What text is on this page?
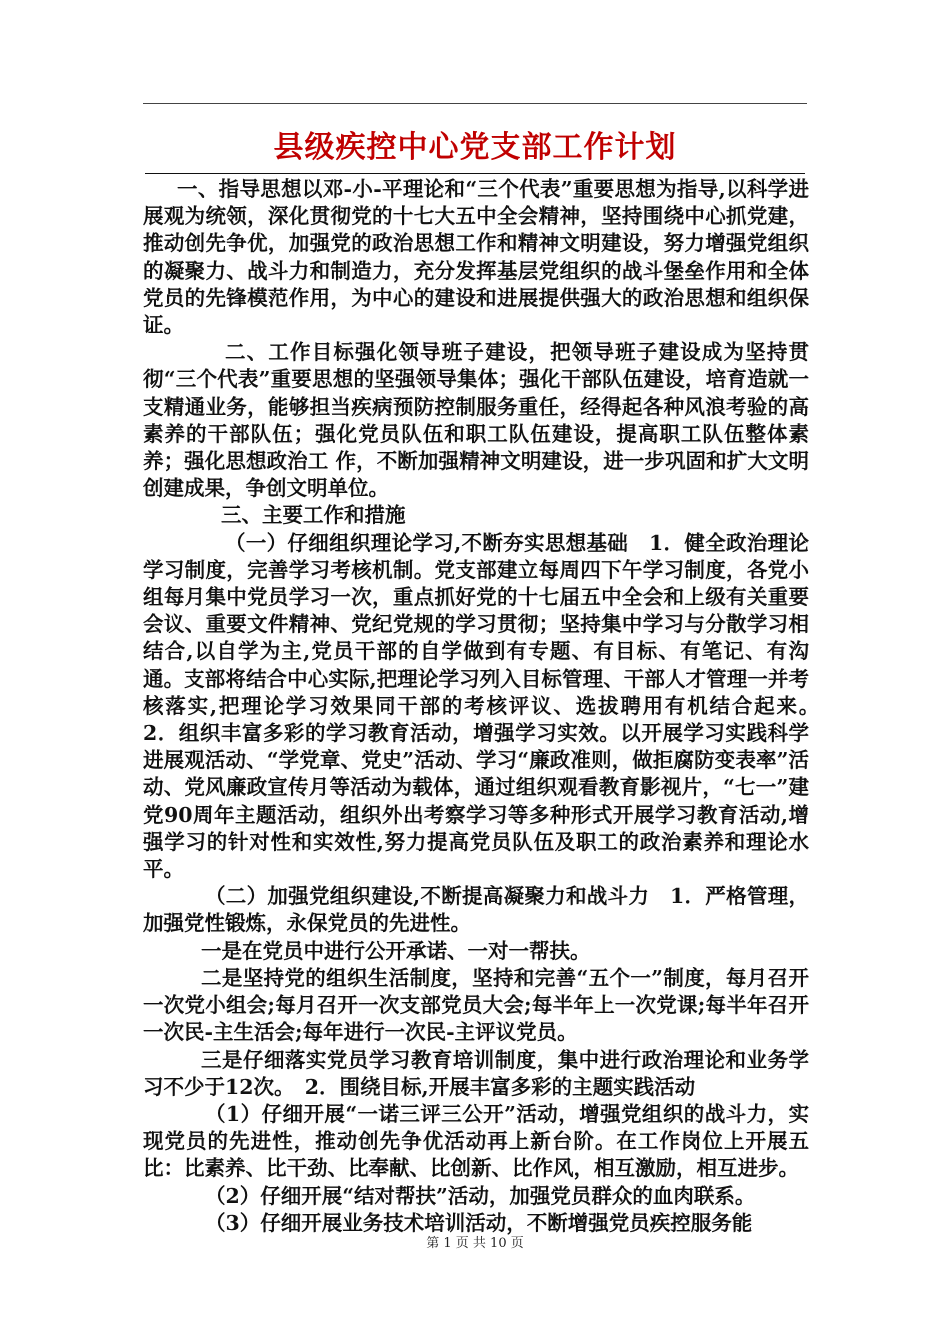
县级疾控中心党支部工作计划

一、指导思想以邓-小-平理论和“三个代表”重要思想为指导,以科学进展观为统领，深化贯彻党的十七大五中全会精神，坚持围绕中心抓党建，推动创先争优，加强党的政治思想工作和精神文明建设，努力增强党组织的凝聚力、战斗力和制造力，充分发挥基层党组织的战斗堡垒作用和全体党员的先锋模范作用，为中心的建设和进展提供强大的政治思想和组织保证。

二、工作目标强化领导班子建设，把领导班子建设成为坚持贯彻“三个代表”重要思想的坚强领导集体；强化干部队伍建设，培育造就一支精通业务，能够担当疾病预防控制服务重任，经得起各种风浪考验的高素养的干部队伍；强化党员队伍和职工队伍建设，提高职工队伍整体素养；强化思想政治工 作，不断加强精神文明建设，进一步巩固和扩大文明创建成果，争创文明单位。

三、主要工作和措施

（一）仔细组织理论学习,不断夯实思想基础　1．健全政治理论学习制度，完善学习考核机制。党支部建立每周四下午学习制度，各党小组每月集中党员学习一次，重点抓好党的十七届五中全会和上级有关重要会议、重要文件精神、党纪党规的学习贯彻；坚持集中学习与分散学习相结合,以自学为主,党员干部的自学做到有专题、有目标、有笔记、有沟通。支部将结合中心实际,把理论学习列入目标管理、干部人才管理一并考核落实,把理论学习效果同干部的考核评议、选拔聘用有机结合起来。　2．组织丰富多彩的学习教育活动，增强学习实效。以开展学习实践科学进展观活动、“学党章、党史”活动、学习“廉政准则，做拒腐防变表率”活动、党风廉政宣传月等活动为载体，通过组织观看教育影视片，“七一”建党90周年主题活动，组织外出考察学习等多种形式开展学习教育活动,增强学习的针对性和实效性,努力提高党员队伍及职工的政治素养和理论水平。

（二）加强党组织建设,不断提高凝聚力和战斗力　1．严格管理，加强党性锻炼，永保党员的先进性。

一是在党员中进行公开承诺、一对一帮扶。

二是坚持党的组织生活制度，坚持和完善“五个一”制度，每月召开一次党小组会;每月召开一次支部党员大会;每半年上一次党课;每半年召开一次民-主生活会;每年进行一次民-主评议党员。

三是仔细落实党员学习教育培训制度，集中进行政治理论和业务学习不少于12次。　2．围绕目标,开展丰富多彩的主题实践活动

（1）仔细开展“一诺三评三公开”活动，增强党组织的战斗力，实现党员的先进性，推动创先争优活动再上新台阶。在工作岗位上开展五比：比素养、比干劲、比奉献、比创新、比作风，相互激励，相互进步。

（2）仔细开展“结对帮扶”活动，加强党员群众的血肉联系。

（3）仔细开展业务技术培训活动，不断增强党员疾控服务能

第 1 页 共 10 页
